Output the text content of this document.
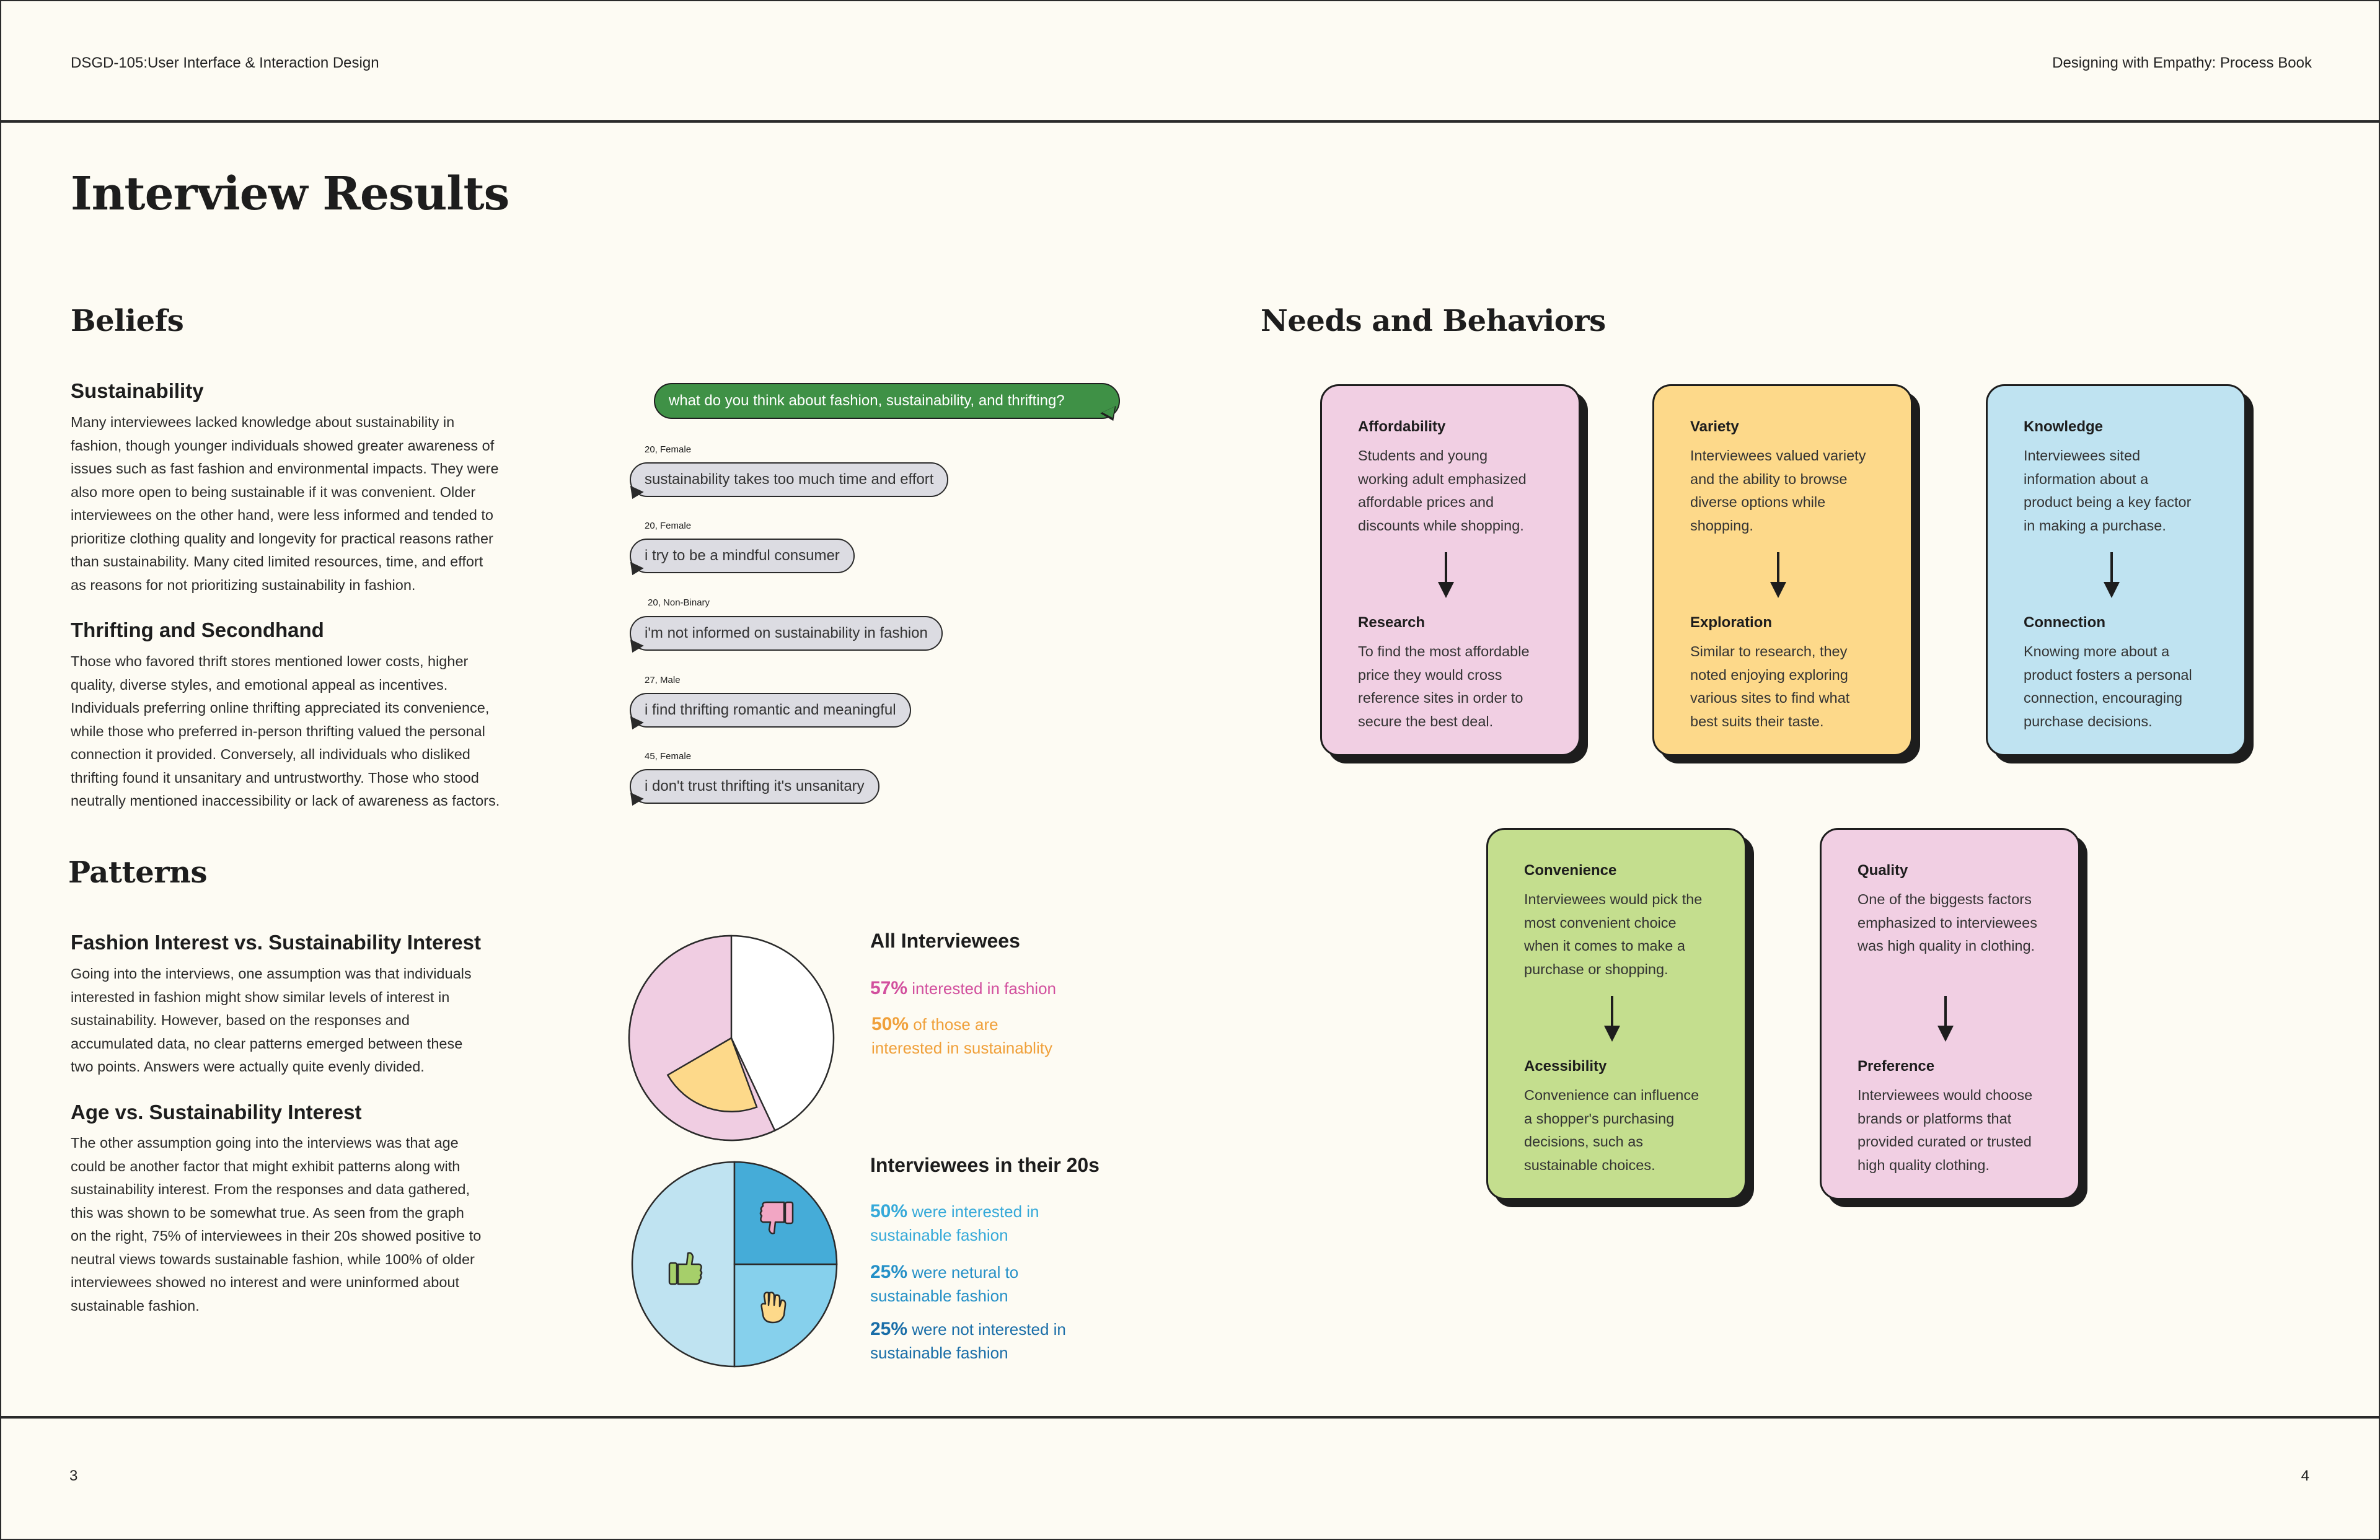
DSGD-105:User Interface & Interaction Design	Designing with Empathy: Process Book
3	4
Interview Results
Beliefs
Sustainability
Many interviewees lacked knowledge about sustainability in
fashion, though younger individuals showed greater awareness of
issues such as fast fashion and environmental impacts. They were
also more open to being sustainable if it was convenient. Older
interviewees on the other hand, were less informed and tended to
prioritize clothing quality and longevity for practical reasons rather
than sustainability. Many cited limited resources, time, and effort
as reasons for not prioritizing sustainability in fashion.
Thrifting and Secondhand
Those who favored thrift stores mentioned lower costs, higher
quality, diverse styles, and emotional appeal as incentives.
Individuals preferring online thrifting appreciated its convenience,
while those who preferred in-person thrifting valued the personal
connection it provided. Conversely, all individuals who disliked
thrifting found it unsanitary and untrustworthy. Those who stood
neutrally mentioned inaccessibility or lack of awareness as factors.
what do you think about fashion, sustainability, and thrifting?
20, Female
sustainability takes too much time and effort
20, Female
i try to be a mindful consumer
20, Non-Binary
i'm not informed on sustainability in fashion
27, Male
i find thrifting romantic and meaningful
45, Female
i don't trust thrifting it's unsanitary
Patterns
Fashion Interest vs. Sustainability Interest
Going into the interviews, one assumption was that individuals
interested in fashion might show similar levels of interest in
sustainability. However, based on the responses and
accumulated data, no clear patterns emerged between these
two points. Answers were actually quite evenly divided.
Age vs. Sustainability Interest
The other assumption going into the interviews was that age
could be another factor that might exhibit patterns along with
sustainability interest. From the responses and data gathered,
this was shown to be somewhat true. As seen from the graph
on the right, 75% of interviewees in their 20s showed positive to
neutral views towards sustainable fashion, while 100% of older
interviewees showed no interest and were uninformed about
sustainable fashion.
All Interviewees
57% interested in fashion
50% of those are
interested in sustainablity
Interviewees in their 20s
50% were interested in
sustainable fashion
25% were netural to
sustainable fashion
25% were not interested in
sustainable fashion
Needs and Behaviors
Affordability
Students and young
working adult emphasized
affordable prices and
discounts while shopping.
Research
To find the most affordable
price they would cross
reference sites in order to
secure the best deal.
Variety
Interviewees valued variety
and the ability to browse
diverse options while
shopping.
Exploration
Similar to research, they
noted enjoying exploring
various sites to find what
best suits their taste.
Knowledge
Interviewees sited
information about a
product being a key factor
in making a purchase.
Connection
Knowing more about a
product fosters a personal
connection, encouraging
purchase decisions.
Convenience
Interviewees would pick the
most convenient choice
when it comes to make a
purchase or shopping.
Acessibility
Convenience can influence
a shopper's purchasing
decisions, such as
sustainable choices.
Quality
One of the biggests factors
emphasized to interviewees
was high quality in clothing.
Preference
Interviewees would choose
brands or platforms that
provided curated or trusted
high quality clothing.
